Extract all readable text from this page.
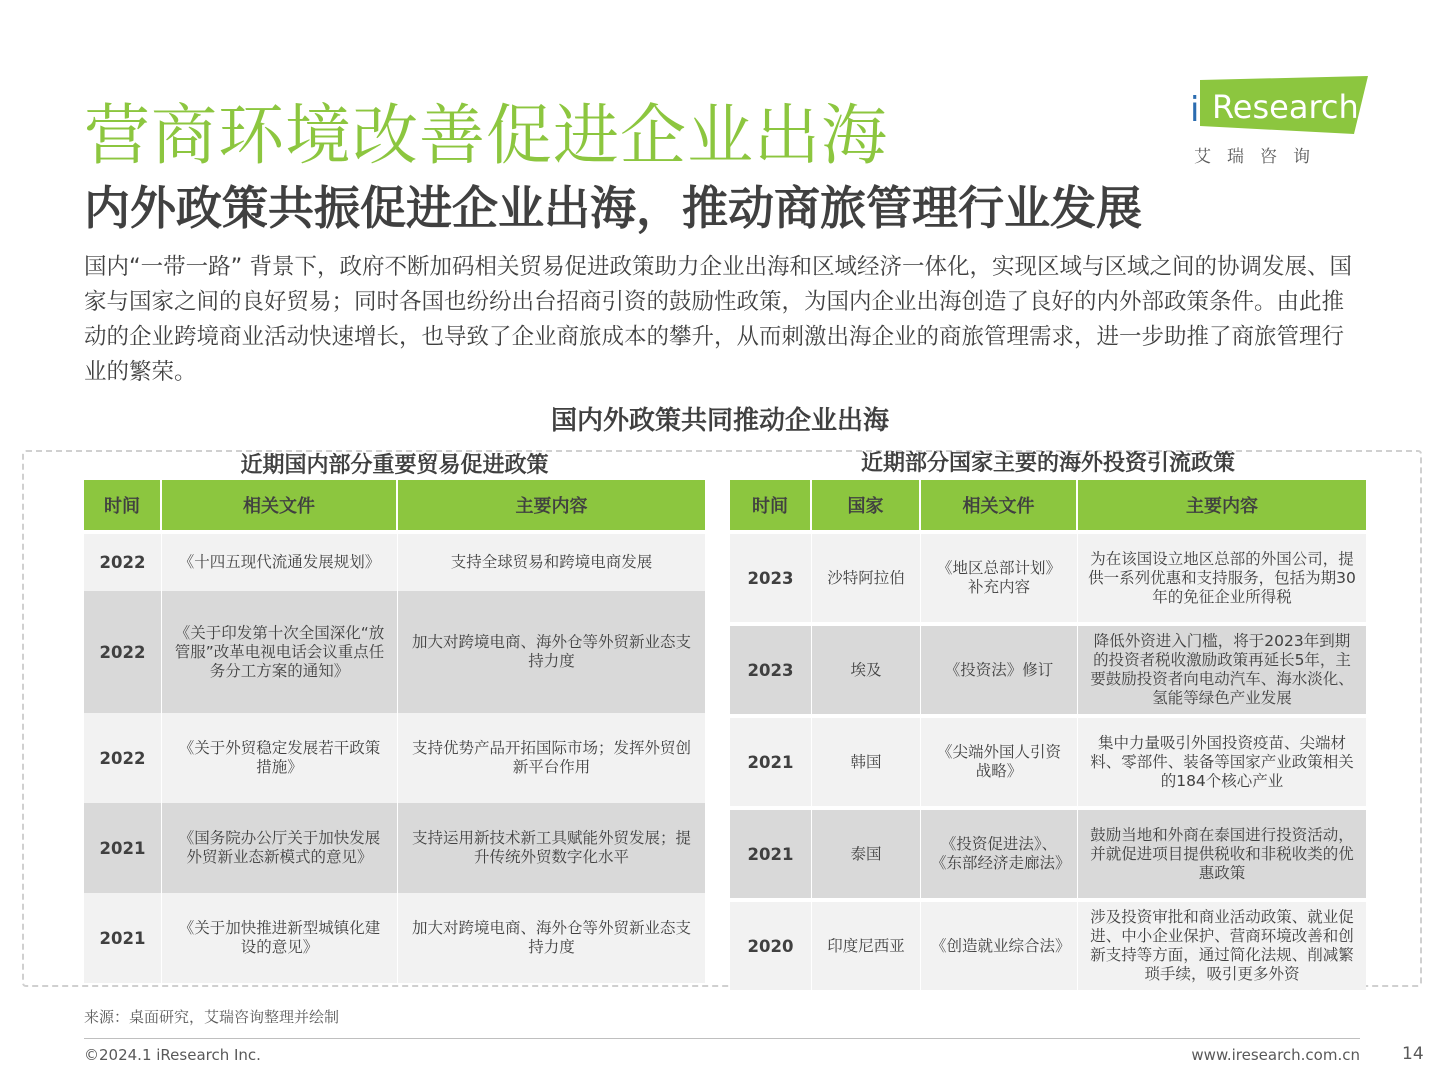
营商环境改善促进企业出海
内外政策共振促进企业出海，推动商旅管理行业发展
i Research
艾瑞咨询

国内“一带一路” 背景下，政府不断加码相关贸易促进政策助力企业出海和区域经济一体化，实现区域与区域之间的协调发展、国家与国家之间的良好贸易；同时各国也纷纷出台招商引资的鼓励性政策，为国内企业出海创造了良好的内外部政策条件。由此推动的企业跨境商业活动快速增长，也导致了企业商旅成本的攀升，从而刺激出海企业的商旅管理需求，进一步助推了商旅管理行业的繁荣。

国内外政策共同推动企业出海
近期国内部分重要贸易促进政策	近期部分国家主要的海外投资引流政策
时间	相关文件	主要内容

2022	《十四五现代流通发展规划》	支持全球贸易和跨境电商发展
2022	《关于印发第十次全国深化“放管服”改革电视电话会议重点任务分工方案的通知》	加大对跨境电商、海外仓等外贸新业态支持力度
2022	《关于外贸稳定发展若干政策措施》	支持优势产品开拓国际市场；发挥外贸创新平台作用
2021	《国务院办公厅关于加快发展外贸新业态新模式的意见》	支持运用新技术新工具赋能外贸发展；提升传统外贸数字化水平
2021	《关于加快推进新型城镇化建设的意见》	加大对跨境电商、海外仓等外贸新业态支持力度
时间	国家	相关文件	主要内容

2023	沙特阿拉伯	《地区总部计划》补充内容	为在该国设立地区总部的外国公司，提供一系列优惠和支持服务，包括为期30年的免征企业所得税

2023	埃及	《投资法》修订	降低外资进入门槛，将于2023年到期的投资者税收激励政策再延长5年，主要鼓励投资者向电动汽车、海水淡化、氢能等绿色产业发展

2021	韩国	《尖端外国人引资战略》	集中力量吸引外国投资疫苗、尖端材料、零部件、装备等国家产业政策相关的184个核心产业

2021	泰国	《投资促进法》、《东部经济走廊法》	鼓励当地和外商在泰国进行投资活动，并就促进项目提供税收和非税收类的优惠政策

2020	印度尼西亚	《创造就业综合法》	涉及投资审批和商业活动政策、就业促进、中小企业保护、营商环境改善和创新支持等方面，通过简化法规、削减繁琐手续，吸引更多外资
来源：桌面研究，艾瑞咨询整理并绘制
©2024.1 iResearch Inc.	www.iresearch.com.cn 14
